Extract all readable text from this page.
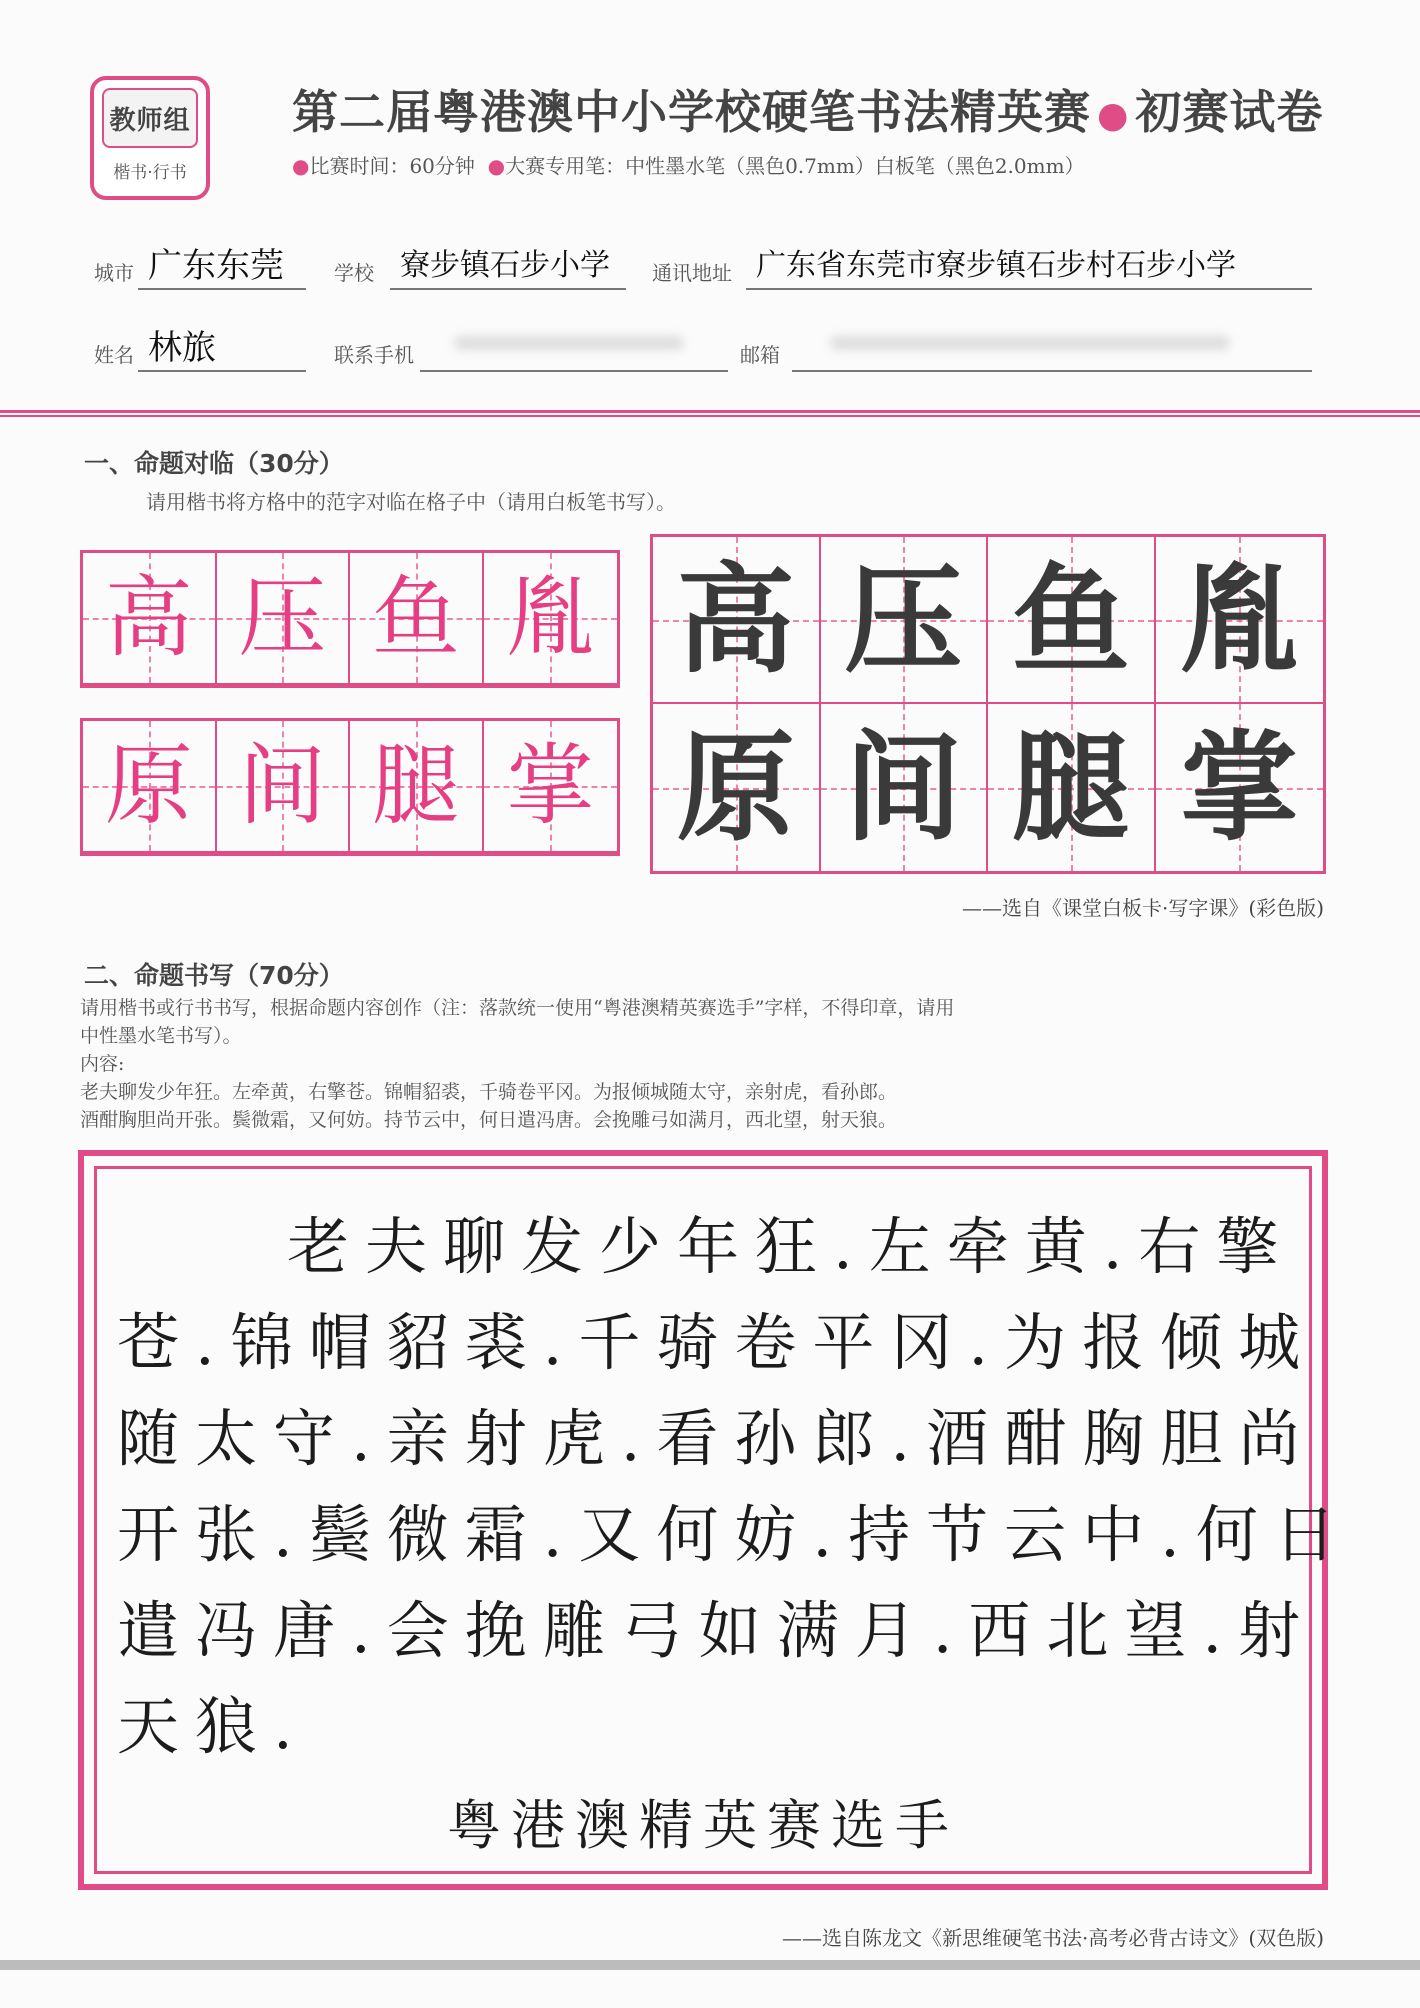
教师组
楷书·行书
第二届粤港澳中小学校硬笔书法精英赛 ● 初赛试卷
●比赛时间：60分钟 ●大赛专用笔：中性墨水笔（黑色0.7mm）白板笔（黑色2.0mm）
城市 广东东莞	学校 寮步镇石步小学	通讯地址 广东省东莞市寮步镇石步村石步小学
姓名 林旅	联系手机	邮箱
一、命题对临（30分）
请用楷书将方格中的范字对临在格子中（请用白板笔书写）。
高 压 鱼 胤
原 间 腿 掌
高 压 鱼 胤
原 间 腿 掌
——选自《课堂白板卡·写字课》(彩色版)
二、命题书写（70分）
请用楷书或行书书写，根据命题内容创作（注：落款统一使用“粤港澳精英赛选手”字样，不得印章，请用
中性墨水笔书写）。
内容:
老夫聊发少年狂。左牵黄，右擎苍。锦帽貂裘，千骑卷平冈。为报倾城随太守，亲射虎，看孙郎。
酒酣胸胆尚开张。鬓微霜，又何妨。持节云中，何日遣冯唐。会挽雕弓如满月，西北望，射天狼。
老夫聊发少年狂.左牵黄.右擎
苍.锦帽貂裘.千骑卷平冈.为报倾城
随太守.亲射虎.看孙郎.酒酣胸胆尚
开张.鬓微霜.又何妨.持节云中.何日
遣冯唐.会挽雕弓如满月.西北望.射
天狼.
粤港澳精英赛选手
——选自陈龙文《新思维硬笔书法·高考必背古诗文》(双色版)
